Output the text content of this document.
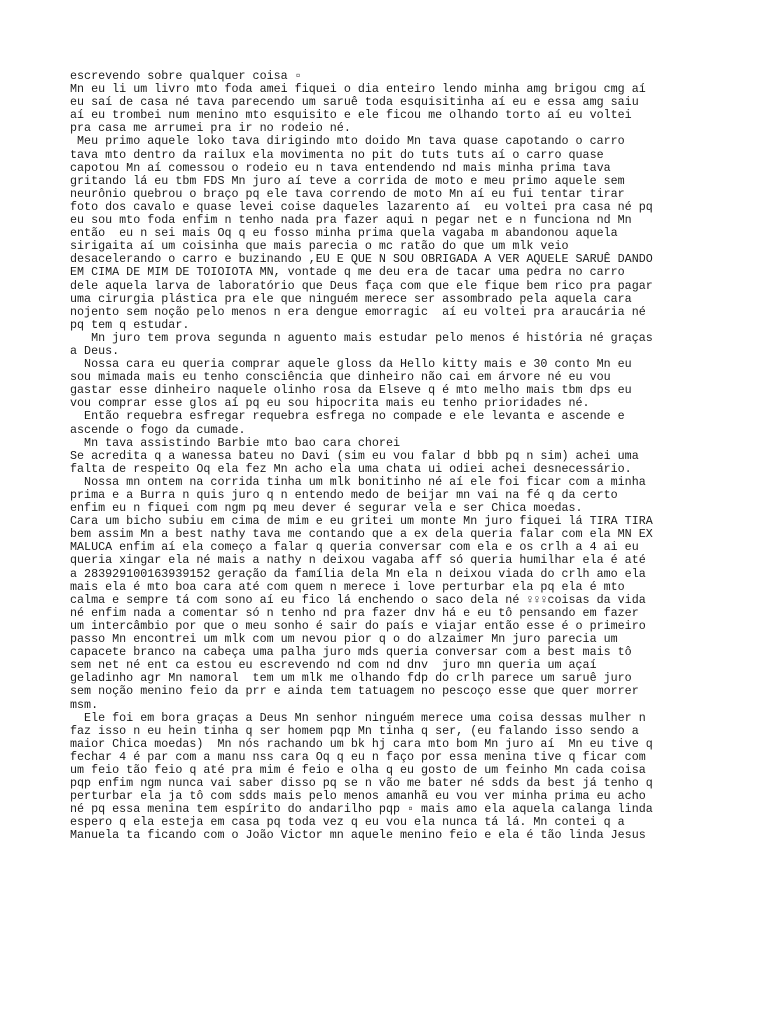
escrevendo sobre qualquer coisa ▫
Mn eu li um livro mto foda amei fiquei o dia enteiro lendo minha amg brigou cmg aí
eu saí de casa né tava parecendo um saruê toda esquisitinha aí eu e essa amg saiu
aí eu trombei num menino mto esquisito e ele ficou me olhando torto aí eu voltei
pra casa me arrumei pra ir no rodeio né.
Meu primo aquele loko tava dirigindo mto doido Mn tava quase capotando o carro
tava mto dentro da railux ela movimenta no pit do tuts tuts aí o carro quase
capotou Mn aí comessou o rodeio eu n tava entendendo nd mais minha prima tava
gritando lá eu tbm FDS Mn juro aí teve a corrida de moto e meu primo aquele sem
neurônio quebrou o braço pq ele tava correndo de moto Mn aí eu fui tentar tirar
foto dos cavalo e quase levei coise daqueles lazarento aí  eu voltei pra casa né pq
eu sou mto foda enfim n tenho nada pra fazer aqui n pegar net e n funciona nd Mn
então  eu n sei mais Oq q eu fosso minha prima quela vagaba m abandonou aquela
sirigaita aí um coisinha que mais parecia o mc ratão do que um mlk veio
desacelerando o carro e buzinando ,EU E QUE N SOU OBRIGADA A VER AQUELE SARUÊ DANDO
EM CIMA DE MIM DE TOIOIOTA MN, vontade q me deu era de tacar uma pedra no carro
dele aquela larva de laboratório que Deus faça com que ele fique bem rico pra pagar
uma cirurgia plástica pra ele que ninguém merece ser assombrado pela aquela cara
nojento sem noção pelo menos n era dengue emorragic  aí eu voltei pra araucária né
pq tem q estudar.
Mn juro tem prova segunda n aguento mais estudar pelo menos é história né graças
a Deus.
Nossa cara eu queria comprar aquele gloss da Hello kitty mais e 30 conto Mn eu
sou mimada mais eu tenho consciência que dinheiro não cai em árvore né eu vou
gastar esse dinheiro naquele olinho rosa da Elseve q é mto melho mais tbm dps eu
vou comprar esse glos aí pq eu sou hipocrita mais eu tenho prioridades né.
Então requebra esfregar requebra esfrega no compade e ele levanta e ascende e
ascende o fogo da cumade.
Mn tava assistindo Barbie mto bao cara chorei
Se acredita q a wanessa bateu no Davi (sim eu vou falar d bbb pq n sim) achei uma
falta de respeito Oq ela fez Mn acho ela uma chata ui odiei achei desnecessário.
Nossa mn ontem na corrida tinha um mlk bonitinho né aí ele foi ficar com a minha
prima e a Burra n quis juro q n entendo medo de beijar mn vai na fé q da certo
enfim eu n fiquei com ngm pq meu dever é segurar vela e ser Chica moedas.
Cara um bicho subiu em cima de mim e eu gritei um monte Mn juro fiquei lá TIRA TIRA
bem assim Mn a best nathy tava me contando que a ex dela queria falar com ela MN EX
MALUCA enfim aí ela começo a falar q queria conversar com ela e os crlh a 4 ai eu
queria xingar ela né mais a nathy n deixou vagaba aff só queria humilhar ela é até
a 283929100163939152 geração da família dela Mn ela n deixou viada do crlh amo ela
mais ela é mto boa cara até com quem n merece i love perturbar ela pq ela é mto
calma e sempre tá com sono aí eu fico lá enchendo o saco dela né ♀♀♀coisas da vida
né enfim nada a comentar só n tenho nd pra fazer dnv há e eu tô pensando em fazer
um intercâmbio por que o meu sonho é sair do país e viajar então esse é o primeiro
passo Mn encontrei um mlk com um nevou pior q o do alzaimer Mn juro parecia um
capacete branco na cabeça uma palha juro mds queria conversar com a best mais tô
sem net né ent ca estou eu escrevendo nd com nd dnv  juro mn queria um açaí
geladinho agr Mn namoral  tem um mlk me olhando fdp do crlh parece um saruê juro
sem noção menino feio da prr e ainda tem tatuagem no pescoço esse que quer morrer
msm.
Ele foi em bora graças a Deus Mn senhor ninguém merece uma coisa dessas mulher n
faz isso n eu hein tinha q ser homem pqp Mn tinha q ser, (eu falando isso sendo a
maior Chica moedas)  Mn nós rachando um bk hj cara mto bom Mn juro aí  Mn eu tive q
fechar 4 é par com a manu nss cara Oq q eu n faço por essa menina tive q ficar com
um feio tão feio q até pra mim é feio e olha q eu gosto de um feinho Mn cada coisa
pqp enfim ngm nunca vai saber disso pq se n vão me bater né sdds da best já tenho q
perturbar ela ja tô com sdds mais pelo menos amanhã eu vou ver minha prima eu acho
né pq essa menina tem espírito do andarilho pqp ▫ mais amo ela aquela calanga linda
espero q ela esteja em casa pq toda vez q eu vou ela nunca tá lá. Mn contei q a
Manuela ta ficando com o João Victor mn aquele menino feio e ela é tão linda Jesus
